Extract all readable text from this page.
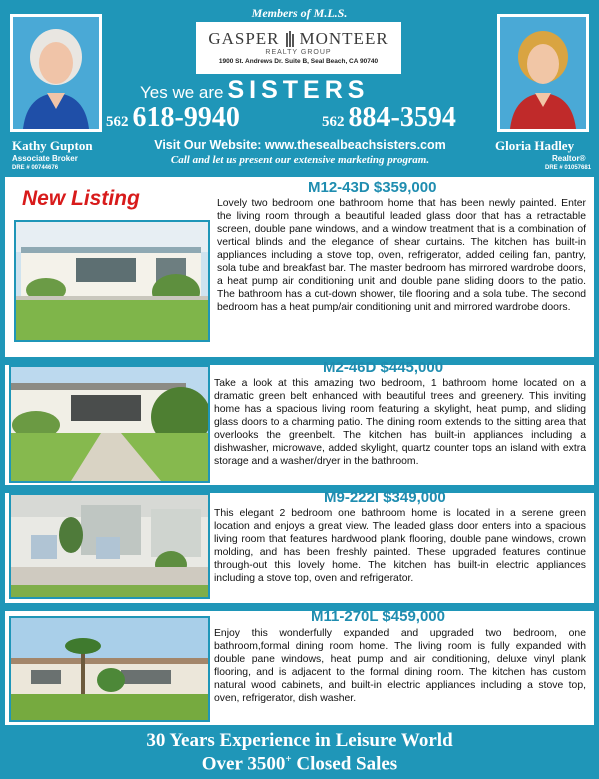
Members of M.L.S.
Kathy Gupton
Associate Broker
DRE # 00744676
GASPER MONTEER
REALTY GROUP
1900 St. Andrews Dr. Suite B, Seal Beach, CA 90740
Yes we are SISTERS
562 618-9940	562 884-3594
Visit Our Website: www.thesealbeachsisters.com
Call and let us present our extensive marketing program.
Gloria Hadley
Realtor®
DRE # 01057681
New Listing	M12-43D $359,000
Lovely two bedroom one bathroom home that has been newly painted. Enter the living room through a beautiful leaded glass door that has a retractable screen, double pane windows, and a window treatment that is a combination of vertical blinds and the elegance of shear curtains. The kitchen has built-in appliances including a stove top, oven, refrigerator, added ceiling fan, pantry, sola tube and breakfast bar. The master bedroom has mirrored wardrobe doors, a heat pump air conditioning unit and double pane sliding doors to the patio. The bathroom has a cut-down shower, tile flooring and a sola tube. The second bedroom has a heat pump/air conditioning unit and mirrored wardrobe doors.
M2-46D $445,000
Take a look at this amazing two bedroom, 1 bathroom home located on a dramatic green belt enhanced with beautiful trees and greenery. This inviting home has a spacious living room featuring a skylight, heat pump, and sliding glass doors to a charming patio. The dining room extends to the sitting area that overlooks the greenbelt. The kitchen has built-in appliances including a dishwasher, microwave, added skylight, quartz counter tops an island with extra storage and a washer/dryer in the bathroom.
M9-222I $349,000
This elegant 2 bedroom one bathroom home is located in a serene green location and enjoys a great view. The leaded glass door enters into a spacious living room that features hardwood plank flooring, double pane windows, crown molding, and has been freshly painted. These upgraded features continue through-out this lovely home. The kitchen has built-in electric appliances including a stove top, oven and refrigerator.
M11-270L $459,000
Enjoy this wonderfully expanded and upgraded two bedroom, one bathroom,formal dining room home. The living room is fully expanded with double pane windows, heat pump and air conditioning, deluxe vinyl plank flooring, and is adjacent to the formal dining room. The kitchen has custom natural wood cabinets, and built-in electric appliances including a stove top, oven, refrigerator, dish washer.
30 Years Experience in Leisure World
Over 3500+ Closed Sales
